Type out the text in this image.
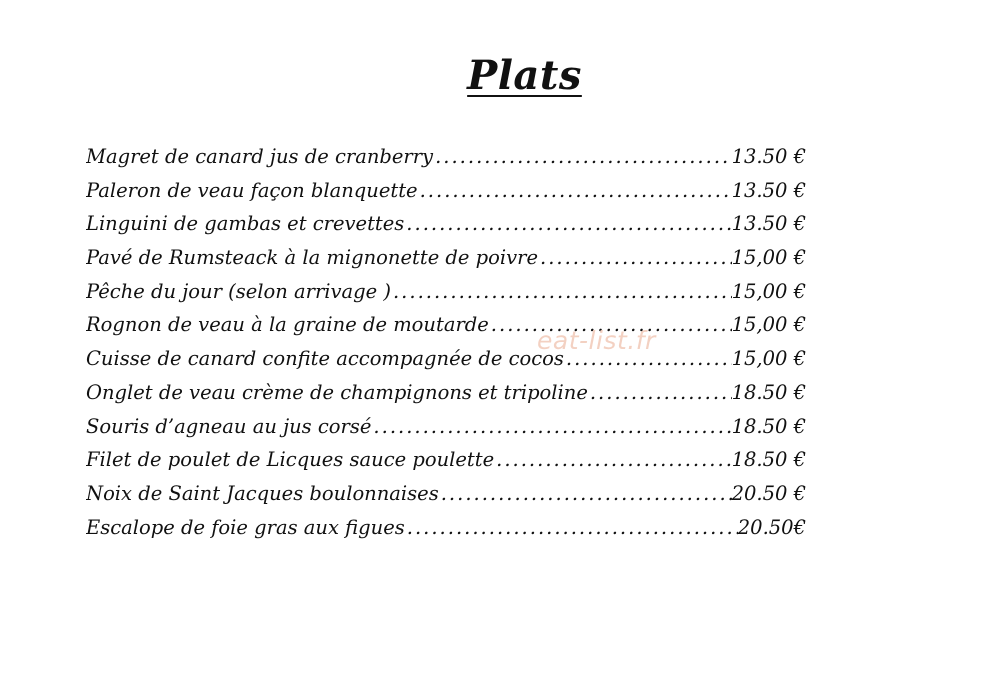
Plats
Magret de canard jus de cranberry .....	13.50 €
Paleron de veau façon blanquette .....	13.50 €
Linguini de gambas et crevettes .....	13.50 €
Pavé de Rumsteack à la mignonette de poivre .....	15,00 €
Pêche du jour (selon arrivage ) .....	15,00 €
Rognon de veau à la graine de moutarde .....	15,00 €
Cuisse de canard confite accompagnée de cocos .....	15,00 €
Onglet de veau crème de champignons et tripoline .....	18.50 €
Souris d’agneau au jus corsé .....	18.50 €
Filet de poulet de Licques sauce poulette .....	18.50 €
Noix de Saint Jacques boulonnaises .....	20.50 €
Escalope de foie gras aux figues .....	20.50€
eat-list.fr
